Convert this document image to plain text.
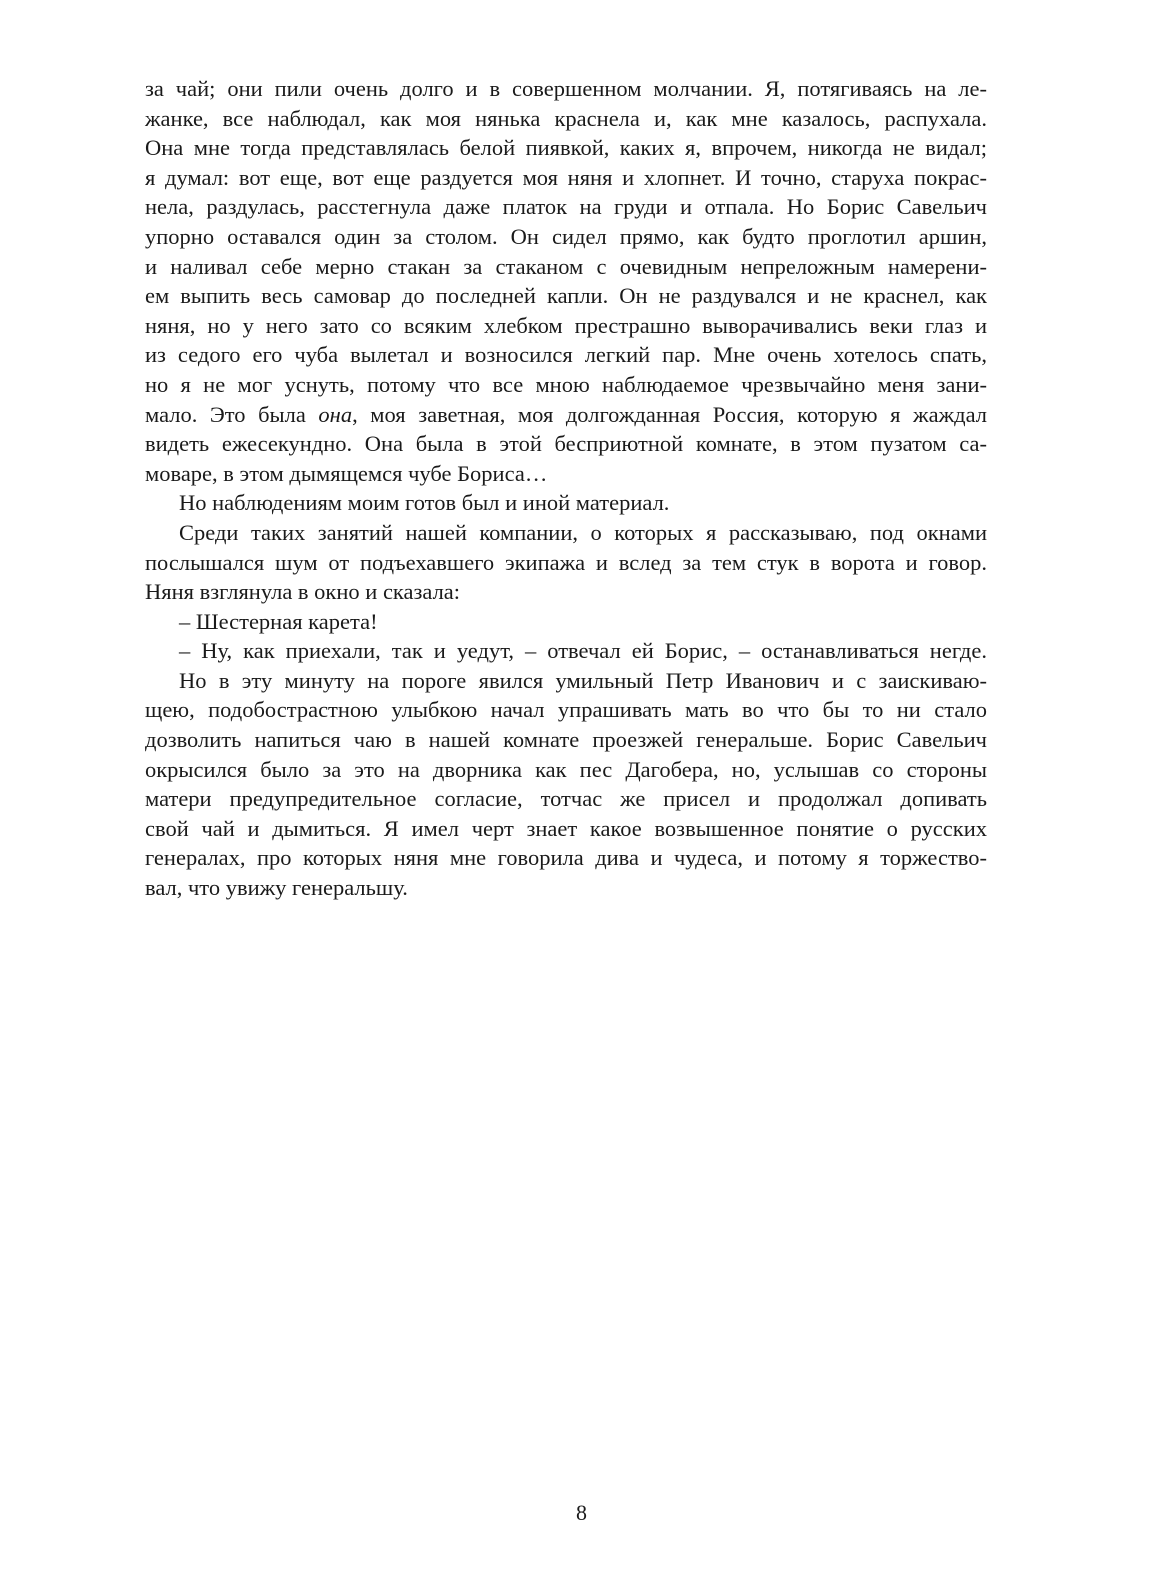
за чай; они пили очень долго и в совершенном молчании. Я, потягиваясь на ле-
жанке, все наблюдал, как моя нянька краснела и, как мне казалось, распухала.
Она мне тогда представлялась белой пиявкой, каких я, впрочем, никогда не видал;
я думал: вот еще, вот еще раздуется моя няня и хлопнет. И точно, старуха покрас-
нела, раздулась, расстегнула даже платок на груди и отпала. Но Борис Савельич
упорно оставался один за столом. Он сидел прямо, как будто проглотил аршин,
и наливал себе мерно стакан за стаканом с очевидным непреложным намерени-
ем выпить весь самовар до последней капли. Он не раздувался и не краснел, как
няня, но у него зато со всяким хлебком престрашно выворачивались веки глаз и
из седого его чуба вылетал и возносился легкий пар. Мне очень хотелось спать,
но я не мог уснуть, потому что все мною наблюдаемое чрезвычайно меня зани-
мало. Это была она, моя заветная, моя долгожданная Россия, которую я жаждал
видеть ежесекундно. Она была в этой бесприютной комнате, в этом пузатом са-
моваре, в этом дымящемся чубе Бориса…
Но наблюдениям моим готов был и иной материал.
Среди таких занятий нашей компании, о которых я рассказываю, под окнами
послышался шум от подъехавшего экипажа и вслед за тем стук в ворота и говор.
Няня взглянула в окно и сказала:
– Шестерная карета!
– Ну, как приехали, так и уедут, – отвечал ей Борис, – останавливаться негде.
Но в эту минуту на пороге явился умильный Петр Иванович и с заискиваю-
щею, подобострастною улыбкою начал упрашивать мать во что бы то ни стало
дозволить напиться чаю в нашей комнате проезжей генеральше. Борис Савельич
окрысился было за это на дворника как пес Дагобера, но, услышав со стороны
матери предупредительное согласие, тотчас же присел и продолжал допивать
свой чай и дымиться. Я имел черт знает какое возвышенное понятие о русских
генералах, про которых няня мне говорила дива и чудеса, и потому я торжество-
вал, что увижу генеральшу.
8
